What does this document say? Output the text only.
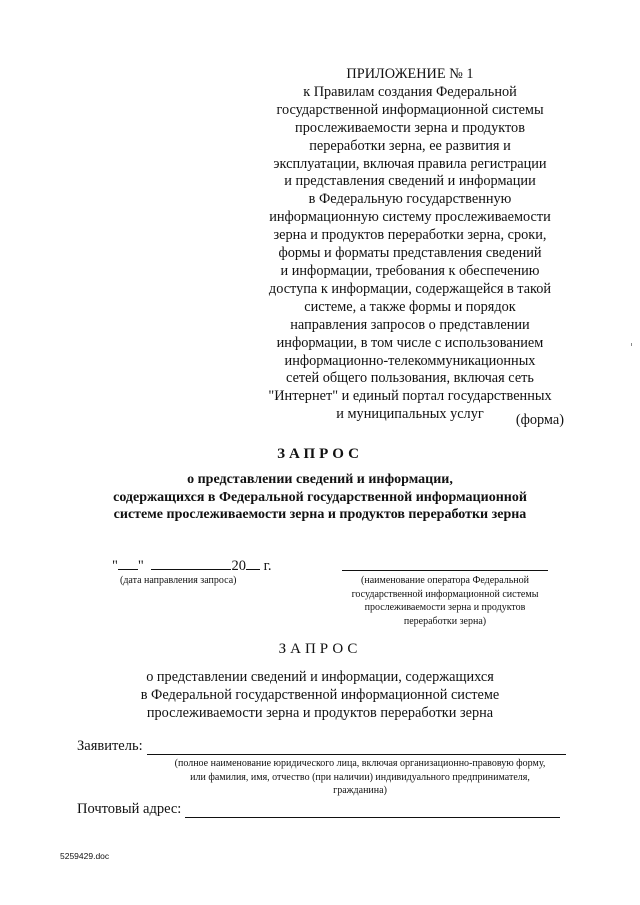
ПРИЛОЖЕНИЕ № 1
к Правилам создания Федеральной
государственной информационной системы
прослеживаемости зерна и продуктов
переработки зерна, ее развития и
эксплуатации, включая правила регистрации
и представления сведений и информации
в Федеральную государственную
информационную систему прослеживаемости
зерна и продуктов переработки зерна, сроки,
формы и форматы представления сведений
и информации, требования к обеспечению
доступа к информации, содержащейся в такой
системе, а также формы и порядок
направления запросов о представлении
информации, в том числе с использованием
информационно-телекоммуникационных
сетей общего пользования, включая сеть
"Интернет" и единый портал государственных
и муниципальных услуг	(форма)
ЗАПРОС
о представлении сведений и информации,
содержащихся в Федеральной государственной информационной
системе прослеживаемости зерна и продуктов переработки зерна
" "	20 г.
(дата направления запроса)	(наименование оператора Федеральной
государственной информационной системы
прослеживаемости зерна и продуктов
переработки зерна)
ЗАПРОС
о представлении сведений и информации, содержащихся
в Федеральной государственной информационной системе
прослеживаемости зерна и продуктов переработки зерна
Заявитель:
(полное наименование юридического лица, включая организационно-правовую форму,
или фамилия, имя, отчество (при наличии) индивидуального предпринимателя,
гражданина)
Почтовый адрес:
5259429.doc
